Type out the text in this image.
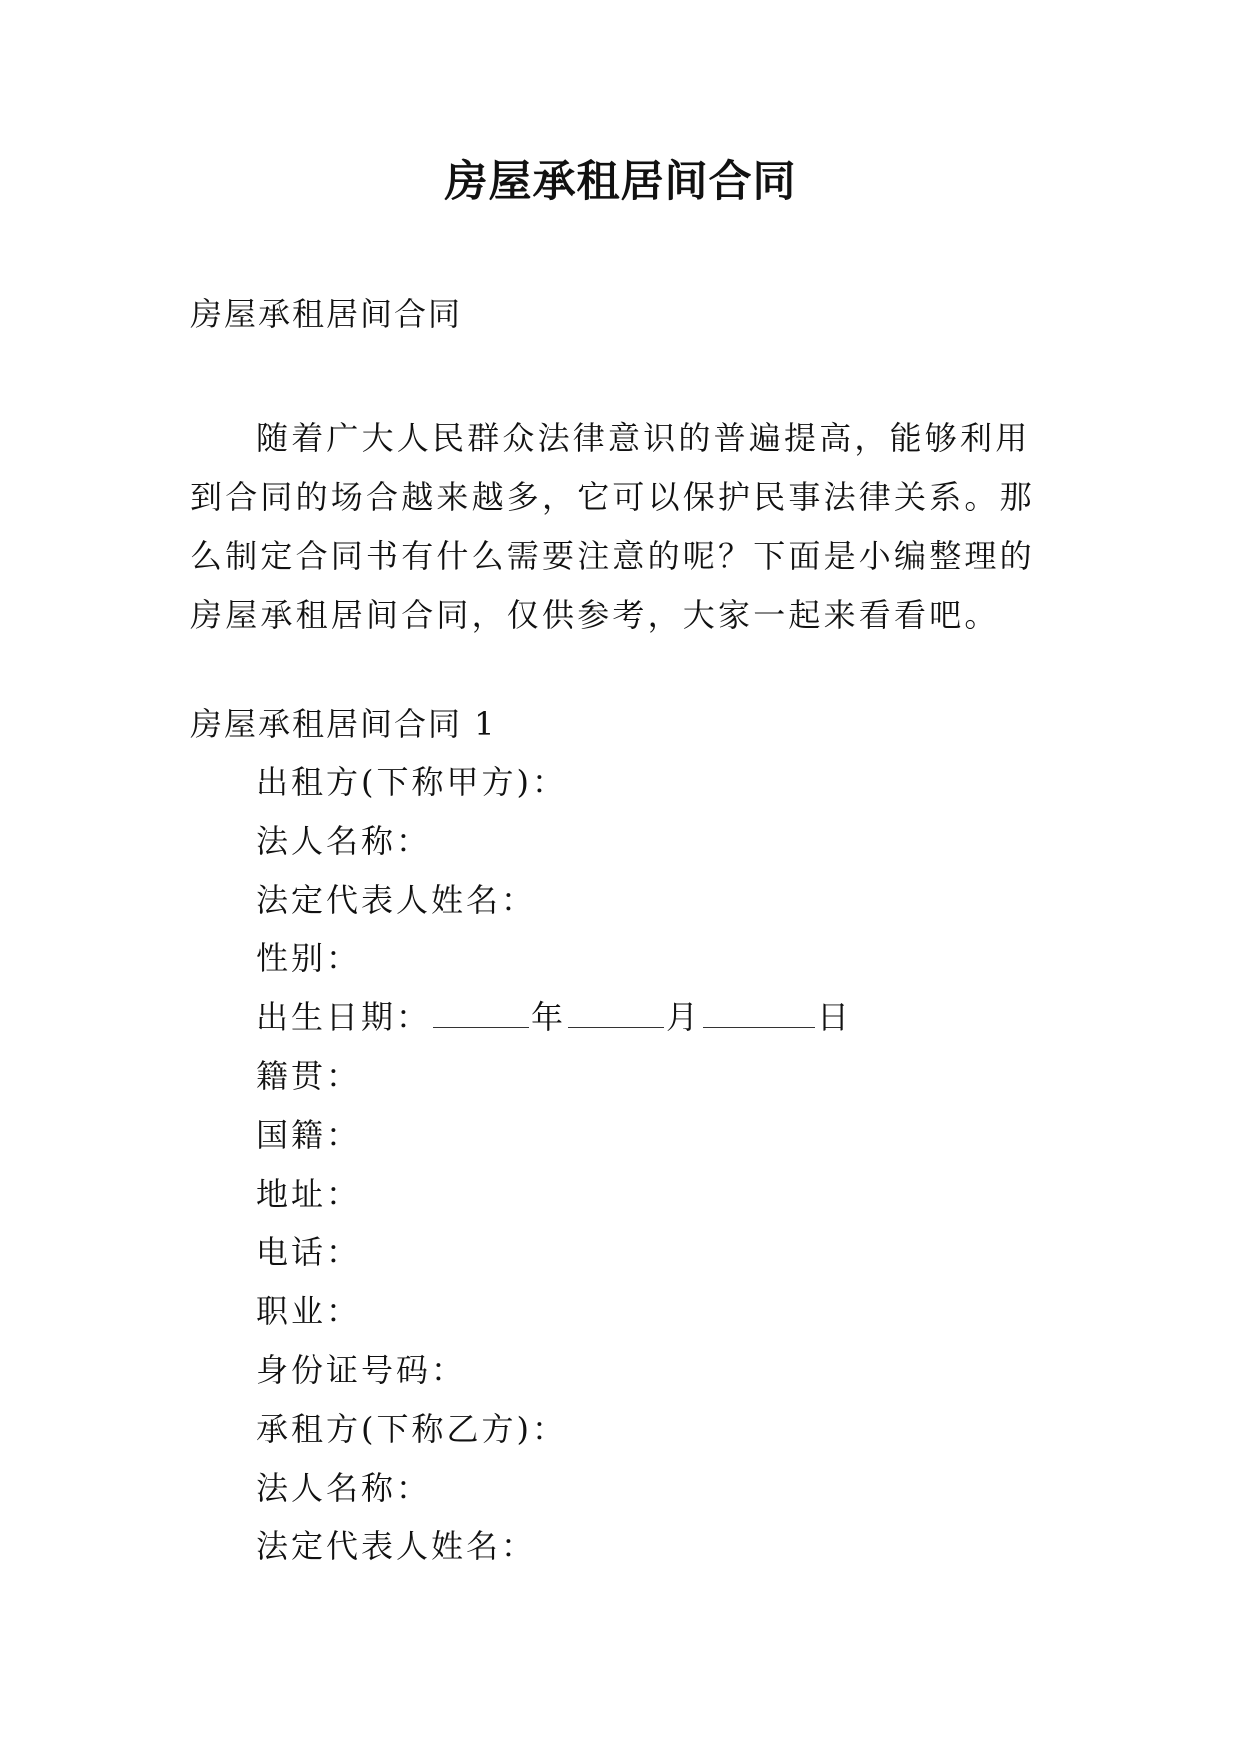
房屋承租居间合同

房屋承租居间合同

随着广大人民群众法律意识的普遍提高，能够利用到合同的场合越来越多，它可以保护民事法律关系。那么制定合同书有什么需要注意的呢？下面是小编整理的房屋承租居间合同，仅供参考，大家一起来看看吧。

房屋承租居间合同 1

出租方(下称甲方)：
法人名称：
法定代表人姓名：
性别：
出生日期：	年	月	日
籍贯：
国籍：
地址：
电话：
职业：
身份证号码：
承租方(下称乙方)：
法人名称：
法定代表人姓名：
